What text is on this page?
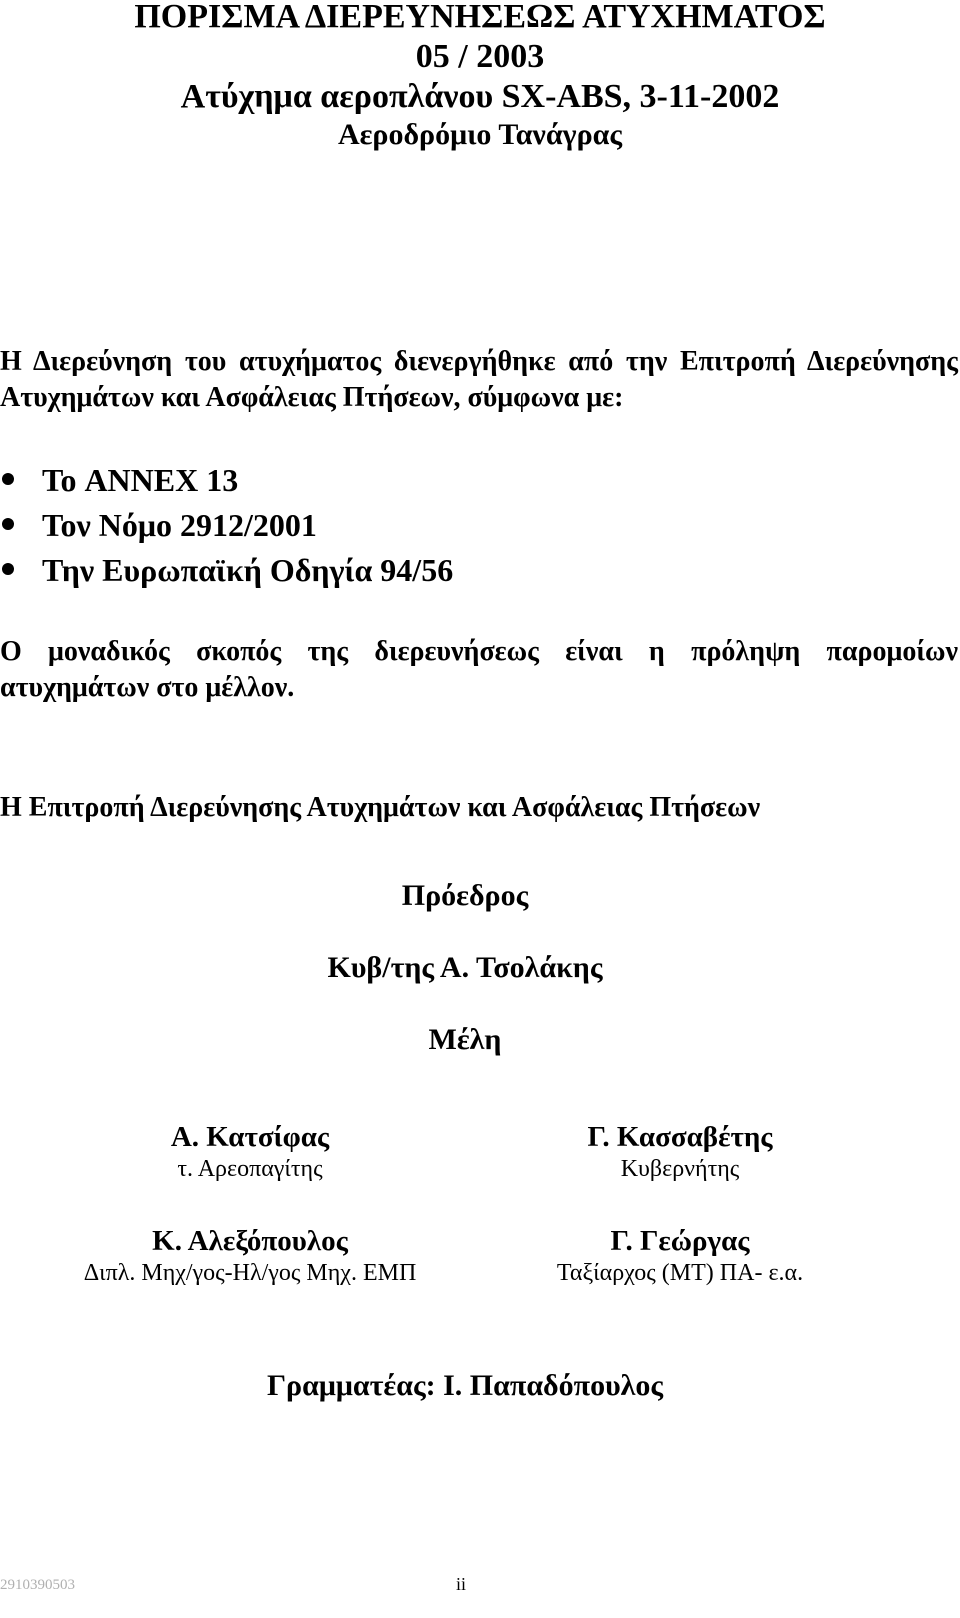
ΠΟΡΙΣΜΑ ΔΙΕΡΕΥΝΗΣΕΩΣ ΑΤΥΧΗΜΑΤΟΣ
05 / 2003
Ατύχημα αεροπλάνου SX-ABS, 3-11-2002
Αεροδρόμιο Τανάγρας
Η Διερεύνηση του ατυχήματος διενεργήθηκε από την Επιτροπή Διερεύνησης Ατυχημάτων και Ασφάλειας Πτήσεων, σύμφωνα με:
Το ANNEX 13
Τον Νόμο 2912/2001
Την Ευρωπαϊκή Οδηγία 94/56
Ο μοναδικός σκοπός της διερευνήσεως είναι η πρόληψη παρομοίων ατυχημάτων στο μέλλον.
Η Επιτροπή Διερεύνησης Ατυχημάτων και Ασφάλειας Πτήσεων
Πρόεδρος
Κυβ/της Α. Τσολάκης
Μέλη
Α. Κατσίφας
τ. Αρεοπαγίτης
Γ. Κασσαβέτης
Κυβερνήτης
Κ. Αλεξόπουλος
Διπλ. Μηχ/γος-Ηλ/γος Μηχ. ΕΜΠ
Γ. Γεώργας
Ταξίαρχος (ΜΤ) ΠΑ- ε.α.
Γραμματέας: Ι. Παπαδόπουλος
2910390503	ii
